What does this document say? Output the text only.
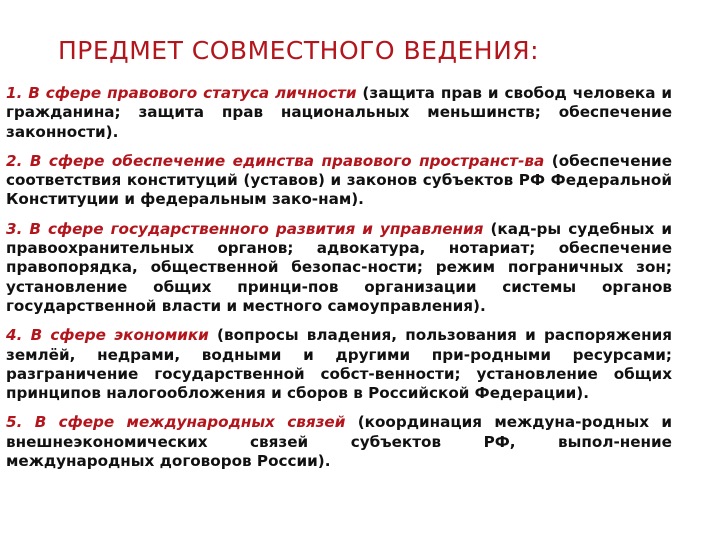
ПРЕДМЕТ СОВМЕСТНОГО ВЕДЕНИЯ:

1. В сфере правового статуса личности (защита прав и свобод человека и гражданина; защита прав национальных меньшинств; обеспечение законности).

2. В сфере обеспечение единства правового пространст-ва (обеспечение соответствия конституций (уставов) и законов субъектов РФ Федеральной Конституции и федеральным зако-нам).

3. В сфере государственного развития и управления (кад-ры судебных и правоохранительных органов; адвокатура, нотариат; обеспечение правопорядка, общественной безопас-ности; режим пограничных зон; установление общих принци-пов организации системы органов государственной власти и местного самоуправления).

4. В сфере экономики (вопросы владения, пользования и распоряжения землёй, недрами, водными и другими при-родными ресурсами; разграничение государственной собст-венности; установление общих принципов налогообложения и сборов в Российской Федерации).

5. В сфере международных связей (координация междуна-родных и внешнеэкономических связей субъектов РФ, выпол-нение международных договоров России).
